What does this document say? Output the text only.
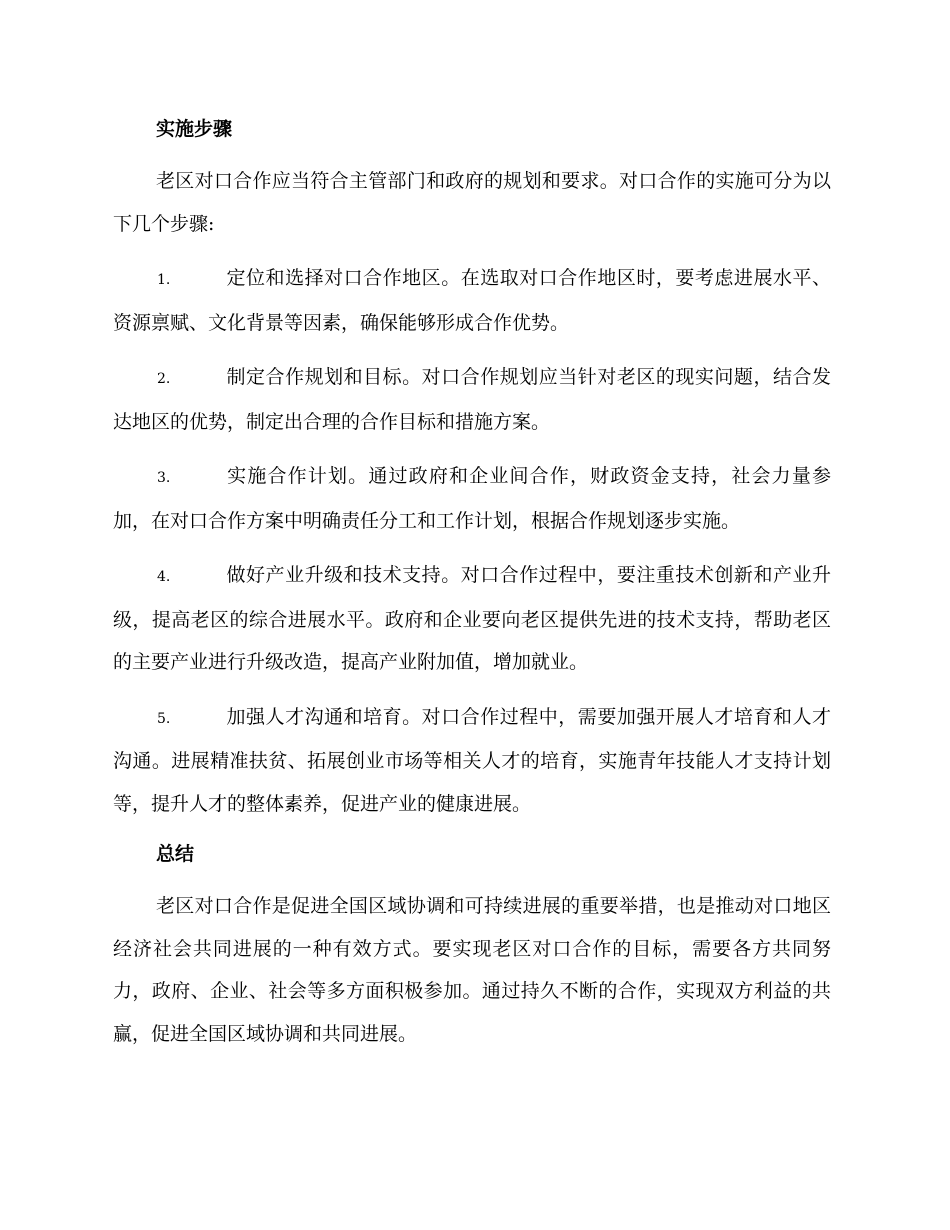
实施步骤

老区对口合作应当符合主管部门和政府的规划和要求。对口合作的实施可分为以下几个步骤:

1.	定位和选择对口合作地区。在选取对口合作地区时，要考虑进展水平、资源禀赋、文化背景等因素，确保能够形成合作优势。

2.	制定合作规划和目标。对口合作规划应当针对老区的现实问题，结合发达地区的优势，制定出合理的合作目标和措施方案。

3.	实施合作计划。通过政府和企业间合作，财政资金支持，社会力量参加，在对口合作方案中明确责任分工和工作计划，根据合作规划逐步实施。

4.	做好产业升级和技术支持。对口合作过程中，要注重技术创新和产业升级，提高老区的综合进展水平。政府和企业要向老区提供先进的技术支持，帮助老区的主要产业进行升级改造，提高产业附加值，增加就业。

5.	加强人才沟通和培育。对口合作过程中，需要加强开展人才培育和人才沟通。进展精准扶贫、拓展创业市场等相关人才的培育，实施青年技能人才支持计划等，提升人才的整体素养，促进产业的健康进展。

总结

老区对口合作是促进全国区域协调和可持续进展的重要举措，也是推动对口地区经济社会共同进展的一种有效方式。要实现老区对口合作的目标，需要各方共同努力，政府、企业、社会等多方面积极参加。通过持久不断的合作，实现双方利益的共赢，促进全国区域协调和共同进展。
